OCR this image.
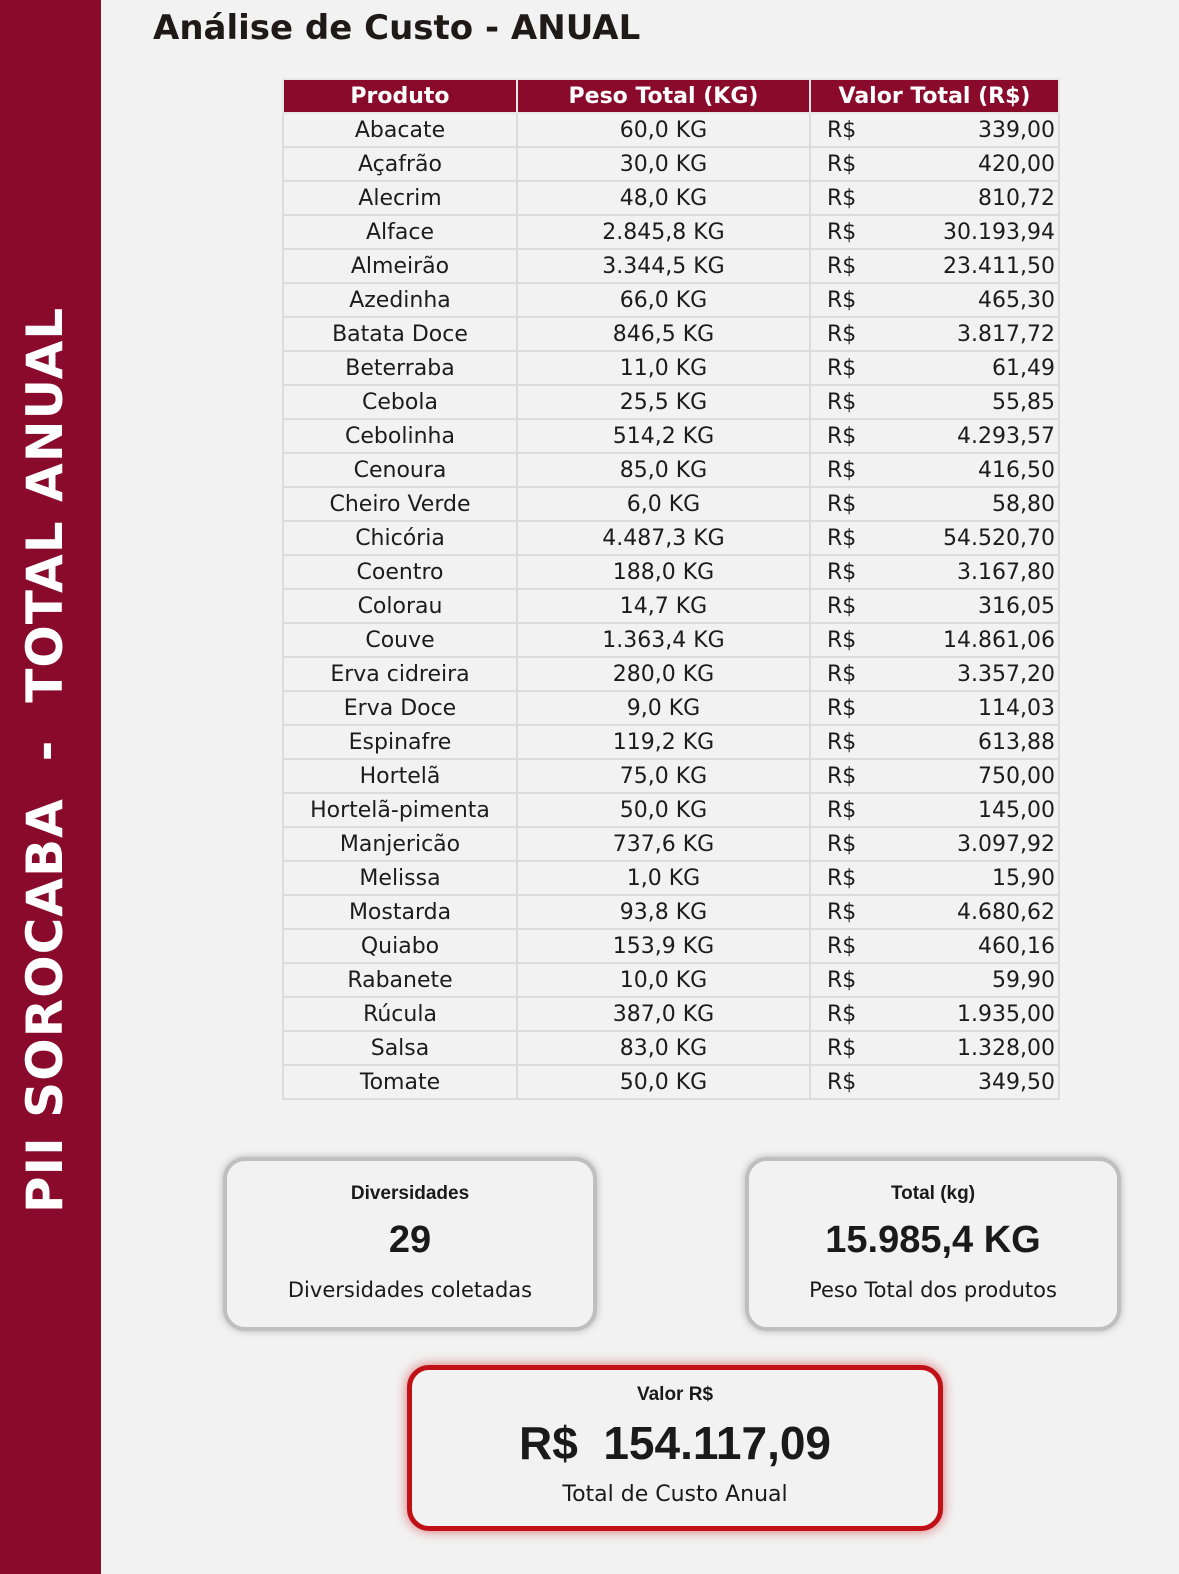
PII SOROCABA  -  TOTAL ANUAL
Análise de Custo - ANUAL
Produto	Peso Total (KG)	Valor Total (R$)
Abacate	60,0 KG	R$ 339,00

Açafrão	30,0 KG	R$ 420,00

Alecrim	48,0 KG	R$ 810,72

Alface	2.845,8 KG	R$ 30.193,94

Almeirão	3.344,5 KG	R$ 23.411,50

Azedinha	66,0 KG	R$ 465,30

Batata Doce	846,5 KG	R$ 3.817,72

Beterraba	11,0 KG	R$ 61,49

Cebola	25,5 KG	R$ 55,85

Cebolinha	514,2 KG	R$ 4.293,57

Cenoura	85,0 KG	R$ 416,50

Cheiro Verde	6,0 KG	R$ 58,80

Chicória	4.487,3 KG	R$ 54.520,70

Coentro	188,0 KG	R$ 3.167,80

Colorau	14,7 KG	R$ 316,05

Couve	1.363,4 KG	R$ 14.861,06

Erva cidreira	280,0 KG	R$ 3.357,20

Erva Doce	9,0 KG	R$ 114,03

Espinafre	119,2 KG	R$ 613,88

Hortelã	75,0 KG	R$ 750,00

Hortelã-pimenta	50,0 KG	R$ 145,00

Manjericão	737,6 KG	R$ 3.097,92

Melissa	1,0 KG	R$ 15,90

Mostarda	93,8 KG	R$ 4.680,62

Quiabo	153,9 KG	R$ 460,16

Rabanete	10,0 KG	R$ 59,90

Rúcula	387,0 KG	R$ 1.935,00

Salsa	83,0 KG	R$ 1.328,00

Tomate	50,0 KG	R$ 349,50
Diversidades
29
Diversidades coletadas
Total (kg)
15.985,4 KG
Peso Total dos produtos
Valor R$
R$  154.117,09
Total de Custo Anual
